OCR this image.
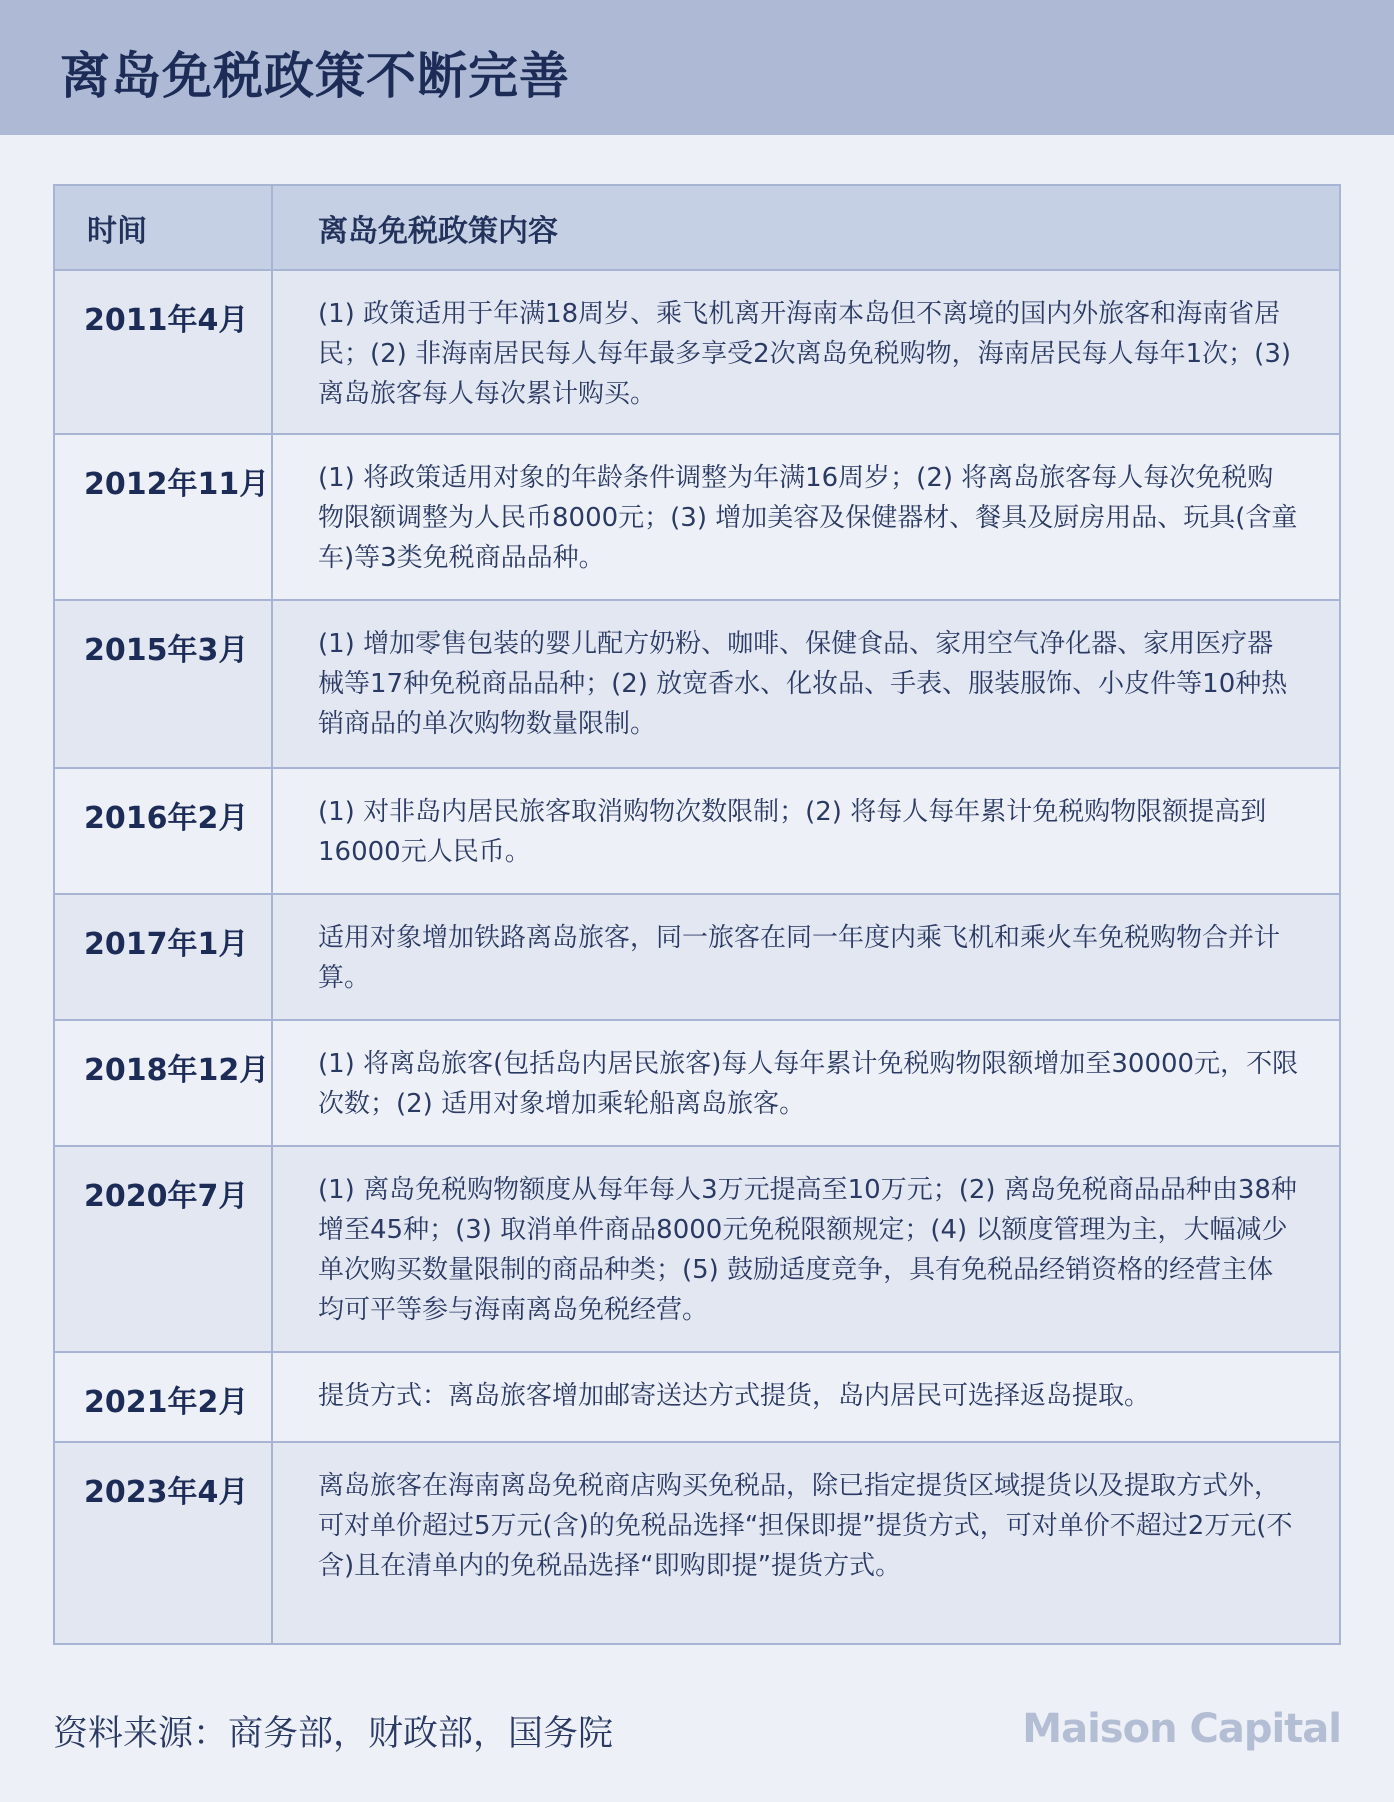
离岛免税政策不断完善
时间	离岛免税政策内容
2011年4月	(1) 政策适用于年满18周岁、乘飞机离开海南本岛但不离境的国内外旅客和海南省居民；(2) 非海南居民每人每年最多享受2次离岛免税购物，海南居民每人每年1次；(3)离岛旅客每人每次累计购买。
2012年11月	(1) 将政策适用对象的年龄条件调整为年满16周岁；(2) 将离岛旅客每人每次免税购物限额调整为人民币8000元；(3) 增加美容及保健器材、餐具及厨房用品、玩具(含童车)等3类免税商品品种。
2015年3月	(1) 增加零售包装的婴儿配方奶粉、咖啡、保健食品、家用空气净化器、家用医疗器械等17种免税商品品种；(2) 放宽香水、化妆品、手表、服装服饰、小皮件等10种热销商品的单次购物数量限制。
2016年2月	(1) 对非岛内居民旅客取消购物次数限制；(2) 将每人每年累计免税购物限额提高到16000元人民币。
2017年1月	适用对象增加铁路离岛旅客，同一旅客在同一年度内乘飞机和乘火车免税购物合并计算。
2018年12月	(1) 将离岛旅客(包括岛内居民旅客)每人每年累计免税购物限额增加至30000元，不限次数；(2) 适用对象增加乘轮船离岛旅客。
2020年7月	(1) 离岛免税购物额度从每年每人3万元提高至10万元；(2) 离岛免税商品品种由38种增至45种；(3) 取消单件商品8000元免税限额规定；(4) 以额度管理为主，大幅减少单次购买数量限制的商品种类；(5) 鼓励适度竞争，具有免税品经销资格的经营主体均可平等参与海南离岛免税经营。
2021年2月	提货方式：离岛旅客增加邮寄送达方式提货，岛内居民可选择返岛提取。
2023年4月	离岛旅客在海南离岛免税商店购买免税品，除已指定提货区域提货以及提取方式外，可对单价超过5万元(含)的免税品选择“担保即提”提货方式，可对单价不超过2万元(不含)且在清单内的免税品选择“即购即提”提货方式。
资料来源：商务部，财政部，国务院	Maison Capital
